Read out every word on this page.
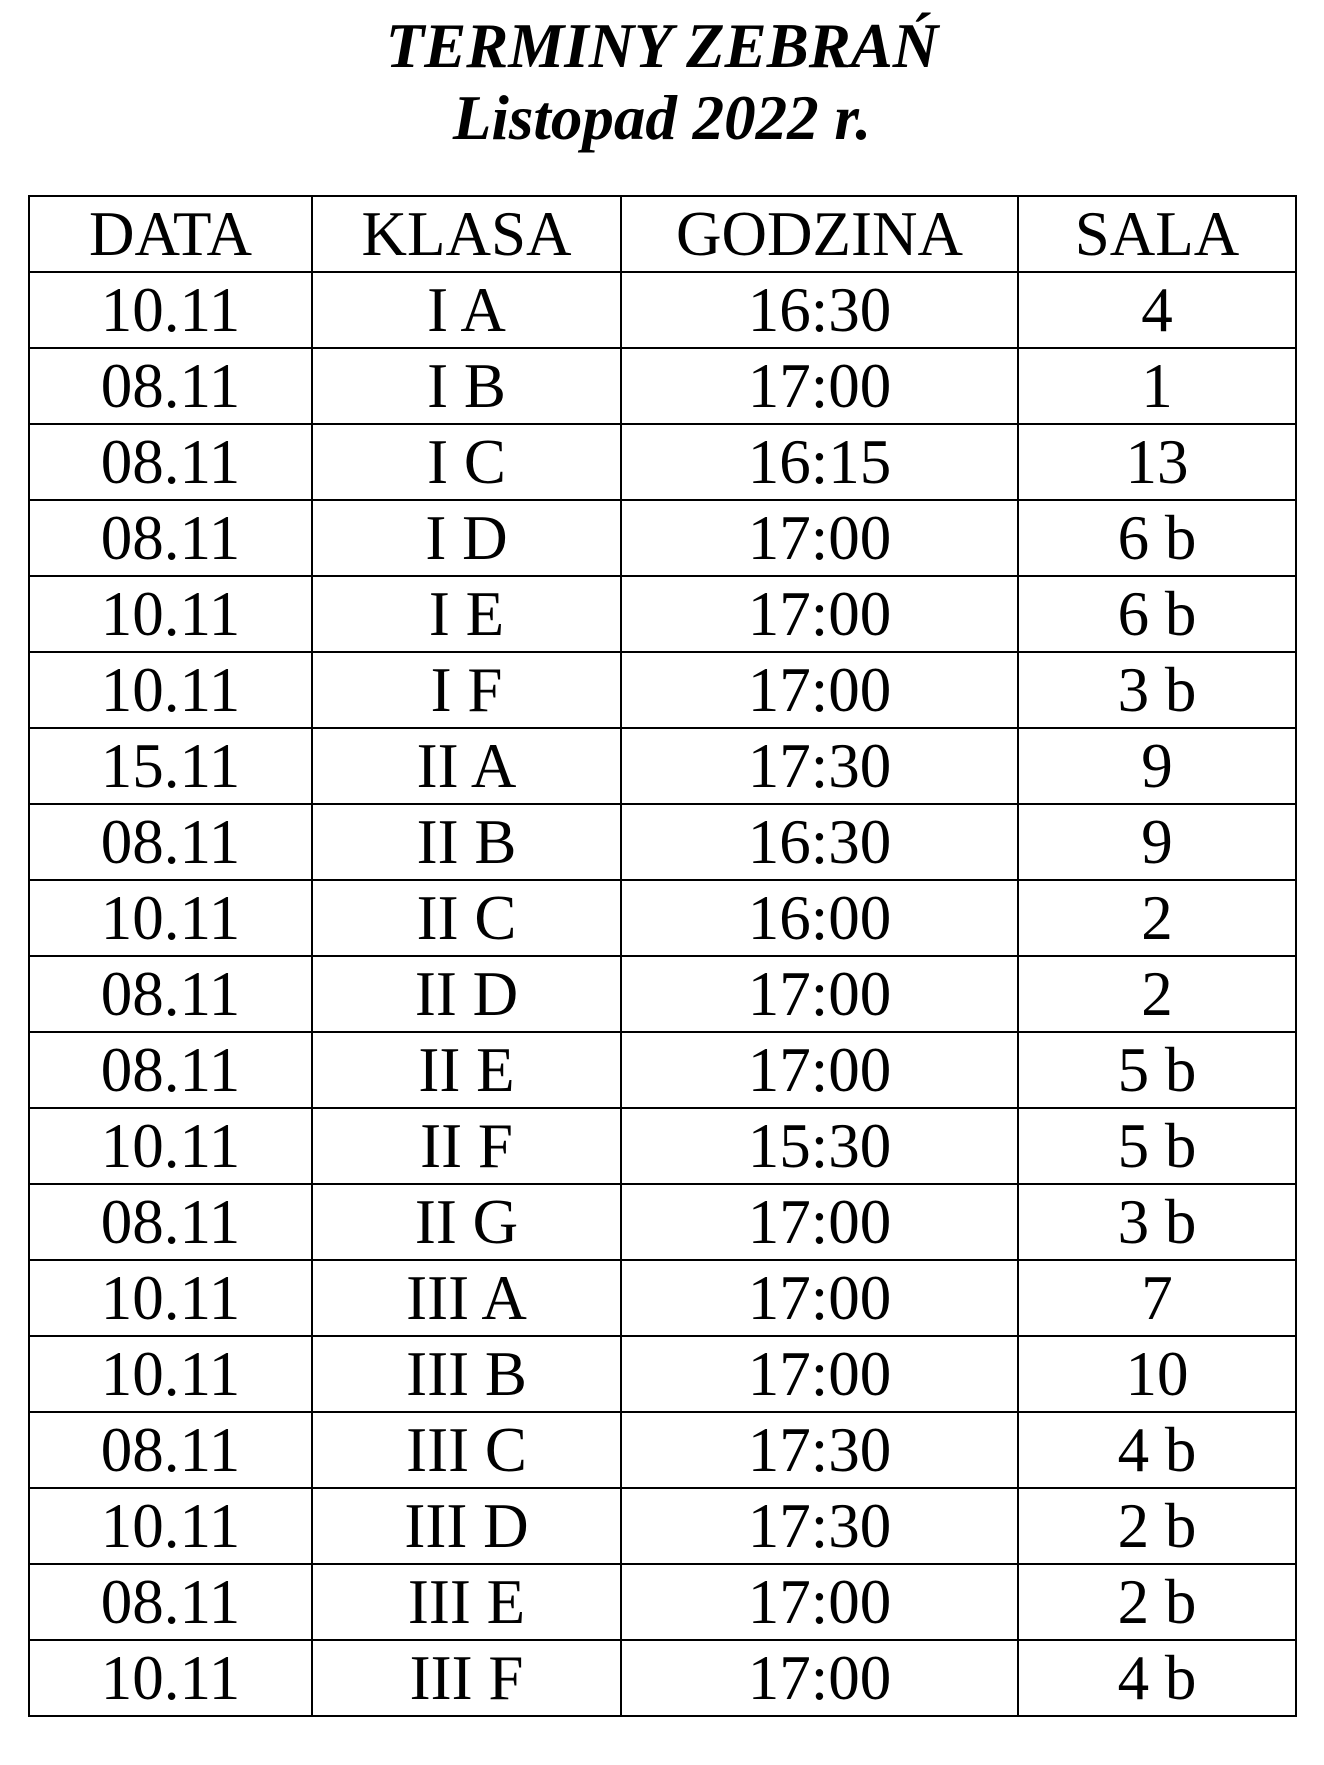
TERMINY ZEBRAŃ
Listopad 2022 r.
DATA	KLASA	GODZINA	SALA
10.11	I A	16:30	4
08.11	I B	17:00	1
08.11	I C	16:15	13
08.11	I D	17:00	6 b
10.11	I E	17:00	6 b
10.11	I F	17:00	3 b
15.11	II A	17:30	9
08.11	II B	16:30	9
10.11	II C	16:00	2
08.11	II D	17:00	2
08.11	II E	17:00	5 b
10.11	II F	15:30	5 b
08.11	II G	17:00	3 b
10.11	III A	17:00	7
10.11	III B	17:00	10
08.11	III C	17:30	4 b
10.11	III D	17:30	2 b
08.11	III E	17:00	2 b
10.11	III F	17:00	4 b
